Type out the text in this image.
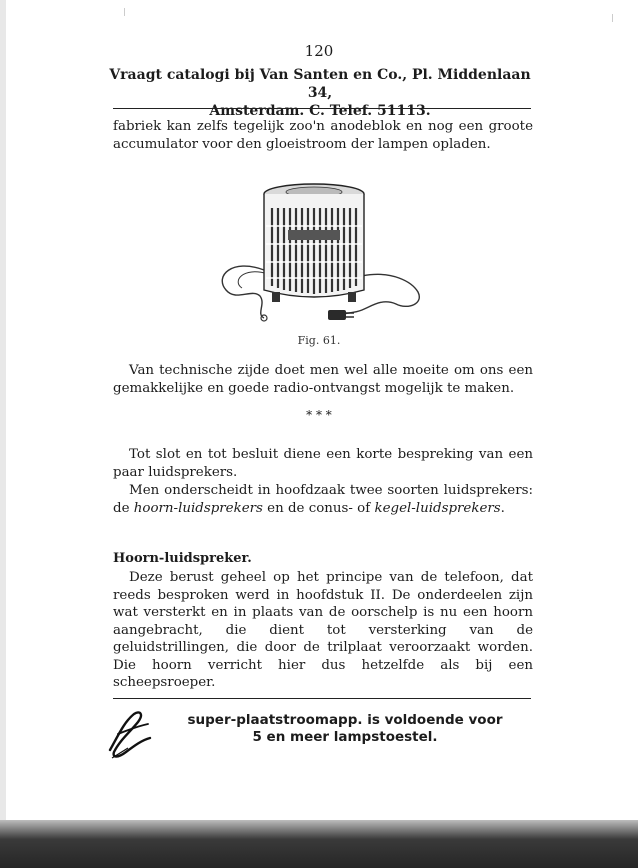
120
Vraagt catalogi bij Van Santen en Co., Pl. Middenlaan 34,
Amsterdam. C. Telef. 51113.

fabriek kan zelfs tegelijk zoo'n anodeblok en nog een groote accumulator voor den gloeistroom der lampen opladen.

Fig. 61.

Van technische zijde doet men wel alle moeite om ons een gemakkelijke en goede radio-ontvangst mogelijk te maken.

* * *

Tot slot en tot besluit diene een korte bespreking van een paar luidsprekers.

Men onderscheidt in hoofdzaak twee soorten luidsprekers: de hoorn-luidsprekers en de conus- of kegel-luidsprekers.

Hoorn-luidspreker.

Deze berust geheel op het principe van de telefoon, dat reeds besproken werd in hoofdstuk II. De onderdeelen zijn wat versterkt en in plaats van de oorschelp is nu een hoorn aangebracht, die dient tot versterking van de geluidstrillingen, die door de trilplaat veroorzaakt worden. Die hoorn verricht hier dus hetzelfde als bij een scheepsroeper.

super-plaatstroomapp. is voldoende voor
5 en meer lampstoestel.
